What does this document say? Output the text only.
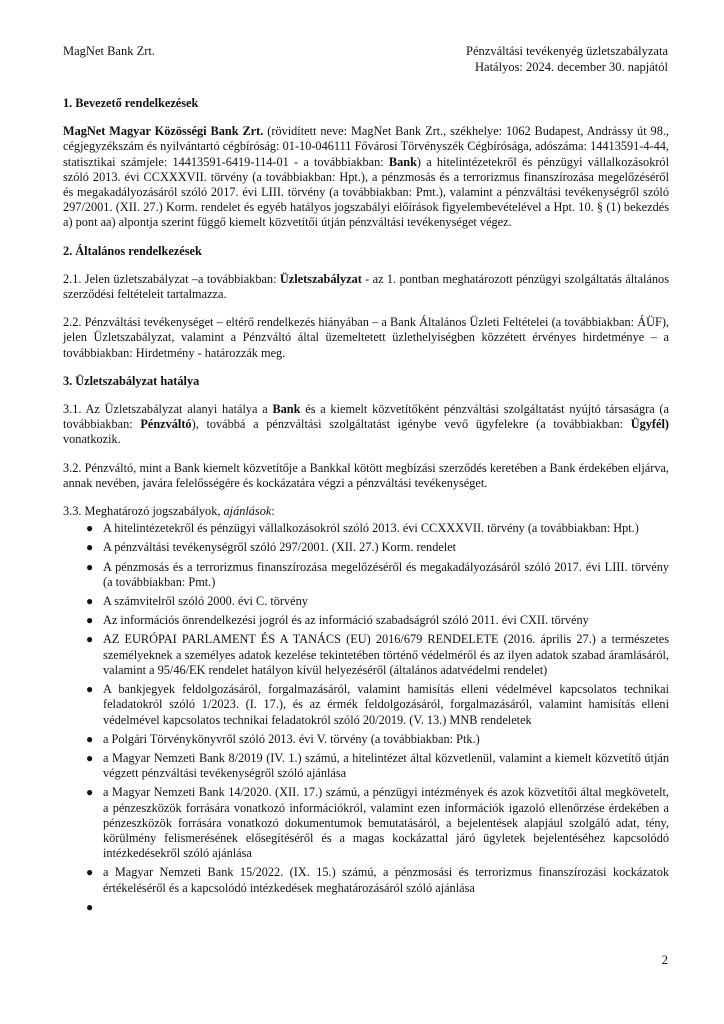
MagNet Bank Zrt.	Pénzváltási tevékenyég üzletszabályzata
Hatályos: 2024. december 30. napjától
1. Bevezető rendelkezések

MagNet Magyar Közösségi Bank Zrt. (rövidített neve: MagNet Bank Zrt., székhelye: 1062 Budapest, Andrássy út 98., cégjegyzékszám és nyilvántartó cégbíróság: 01-10-046111 Fővárosi Törvényszék Cégbírósága, adószáma: 14413591-4-44, statisztikai számjele: 14413591-6419-114-01 - a továbbiakban: Bank) a hitelintézetekről és pénzügyi vállalkozásokról szóló 2013. évi CCXXXVII. törvény (a továbbiakban: Hpt.), a pénzmosás és a terrorizmus finanszírozása megelőzéséről és megakadályozásáról szóló 2017. évi LIII. törvény (a továbbiakban: Pmt.), valamint a pénzváltási tevékenységről szóló 297/2001. (XII. 27.) Korm. rendelet és egyéb hatályos jogszabályi előírások figyelembevételével a Hpt. 10. § (1) bekezdés a) pont aa) alpontja szerint függő kiemelt közvetítői útján pénzváltási tevékenységet végez.

2. Általános rendelkezések

2.1. Jelen üzletszabályzat –a továbbiakban: Üzletszabályzat - az 1. pontban meghatározott pénzügyi szolgáltatás általános szerződési feltételeit tartalmazza.

2.2. Pénzváltási tevékenységet – eltérő rendelkezés hiányában – a Bank Általános Üzleti Feltételei (a továbbiakban: ÁÜF), jelen Üzletszabályzat, valamint a Pénzváltó által üzemeltetett üzlethelyiségben közzétett érvényes hirdetménye – a továbbiakban: Hirdetmény - határozzák meg.

3. Üzletszabályzat hatálya

3.1. Az Üzletszabályzat alanyi hatálya a Bank és a kiemelt közvetítőként pénzváltási szolgáltatást nyújtó társaságra (a továbbiakban: Pénzváltó), továbbá a pénzváltási szolgáltatást igénybe vevő ügyfelekre (a továbbiakban: Ügyfél) vonatkozik.

3.2. Pénzváltó, mint a Bank kiemelt közvetítője a Bankkal kötött megbízási szerződés keretében a Bank érdekében eljárva, annak nevében, javára felelősségére és kockázatára végzi a pénzváltási tevékenységet.

3.3. Meghatározó jogszabályok, ajánlások:

● A hitelintézetekről és pénzügyi vállalkozásokról szóló 2013. évi CCXXXVII. törvény (a továbbiakban: Hpt.)
● A pénzváltási tevékenységről szóló 297/2001. (XII. 27.) Korm. rendelet
● A pénzmosás és a terrorizmus finanszírozása megelőzéséről és megakadályozásáról szóló 2017. évi LIII. törvény (a továbbiakban: Pmt.)
● A számvitelről szóló 2000. évi C. törvény
● Az információs önrendelkezési jogról és az információ szabadságról szóló 2011. évi CXII. törvény
● AZ EURÓPAI PARLAMENT ÉS A TANÁCS (EU) 2016/679 RENDELETE (2016. április 27.) a természetes személyeknek a személyes adatok kezelése tekintetében történő védelméről és az ilyen adatok szabad áramlásáról, valamint a 95/46/EK rendelet hatályon kívül helyezéséről (általános adatvédelmi rendelet)
● A bankjegyek feldolgozásáról, forgalmazásáról, valamint hamisítás elleni védelmével kapcsolatos technikai feladatokról szóló 1/2023. (I. 17.), és az érmék feldolgozásáról, forgalmazásáról, valamint hamisítás elleni védelmével kapcsolatos technikai feladatokról szóló 20/2019. (V. 13.) MNB rendeletek
● a Polgári Törvénykönyvről szóló 2013. évi V. törvény (a továbbiakban: Ptk.)
● a Magyar Nemzeti Bank 8/2019 (IV. 1.) számú, a hitelintézet által közvetlenül, valamint a kiemelt közvetítő útján végzett pénzváltási tevékenységről szóló ajánlása
● a Magyar Nemzeti Bank 14/2020. (XII. 17.) számú, a pénzügyi intézmények és azok közvetítői által megkövetelt, a pénzeszközök forrására vonatkozó információkról, valamint ezen információk igazoló ellenőrzése érdekében a pénzeszközök forrására vonatkozó dokumentumok bemutatásáról, a bejelentések alapjául szolgáló adat, tény, körülmény felismerésének elősegítéséről és a magas kockázattal járó ügyletek bejelentéséhez kapcsolódó intézkedésekről szóló ajánlása
● a Magyar Nemzeti Bank 15/2022. (IX. 15.) számú, a pénzmosási és terrorizmus finanszírozási kockázatok értékeléséről és a kapcsolódó intézkedések meghatározásáról szóló ajánlása
●
2
